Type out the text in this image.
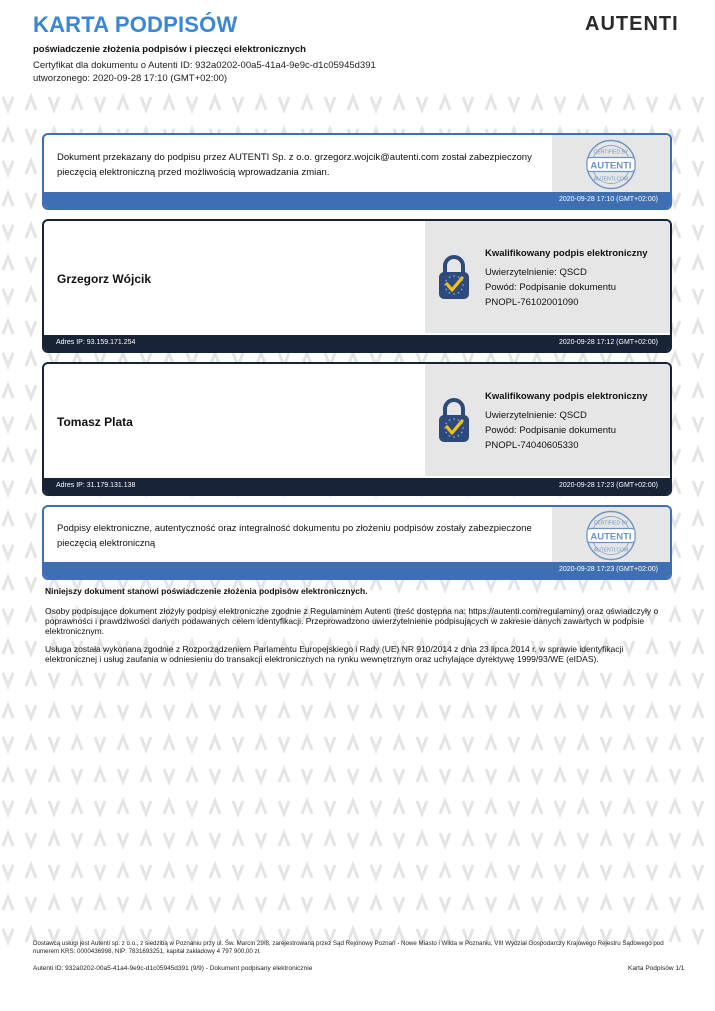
KARTA PODPISÓW	AUTENTI
poświadczenie złożenia podpisów i pieczęci elektronicznych
Certyfikat dla dokumentu o Autenti ID: 932a0202-00a5-41a4-9e9c-d1c05945d391
utworzonego: 2020-09-28 17:10 (GMT+02:00)
Dokument przekazany do podpisu przez AUTENTI Sp. z o.o. grzegorz.wojcik@autenti.com został zabezpieczony pieczęcią elektroniczną przed możliwością wprowadzania zmian.
AUTENTI
CERTIFIED BY
AUTENTI.COM
2020-09-28 17:10 (GMT+02:00)
Grzegorz Wójcik
Kwalifikowany podpis elektroniczny
Uwierzytelnienie: QSCD
Powód: Podpisanie dokumentu
PNOPL-76102001090
Adres IP: 93.159.171.254	2020-09-28 17:12 (GMT+02:00)
Tomasz Plata
Kwalifikowany podpis elektroniczny
Uwierzytelnienie: QSCD
Powód: Podpisanie dokumentu
PNOPL-74040605330
Adres IP: 31.179.131.138	2020-09-28 17:23 (GMT+02:00)
Podpisy elektroniczne, autentyczność oraz integralność dokumentu po złożeniu podpisów zostały zabezpieczone pieczęcią elektroniczną
AUTENTI
CERTIFIED BY
AUTENTI.COM
2020-09-28 17:23 (GMT+02:00)
Niniejszy dokument stanowi poświadczenie złożenia podpisów elektronicznych.
Osoby podpisujące dokument złożyły podpisy elektroniczne zgodnie z Regulaminem Autenti (treść dostępna na: https://autenti.com/regulaminy) oraz oświadczyły o poprawności i prawdziwości danych podawanych celem identyfikacji. Przeprowadzono uwierzytelnienie podpisujących w zakresie danych zawartych w podpisie elektronicznym.
Usługa została wykonana zgodnie z Rozporządzeniem Parlamentu Europejskiego i Rady (UE) NR 910/2014 z dnia 23 lipca 2014 r. w sprawie identyfikacji elektronicznej i usług zaufania w odniesieniu do transakcji elektronicznych na rynku wewnętrznym oraz uchylające dyrektywę 1999/93/WE (eIDAS).
Dostawcą usługi jest Autenti sp. z o.o., z siedzibą w Poznaniu przy ul. Św. Marcin 29/8, zarejestrowaną przez Sąd Rejonowy Poznań - Nowe Miasto i Wilda w Poznaniu, VIII Wydział Gospodarczy Krajowego Rejestru Sądowego pod numerem KRS: 0000436998, NIP: 7831693251, kapitał zakładowy 4 797 900,00 zł.
Autenti ID: 932a0202-00a5-41a4-9e9c-d1c05945d391 (9/9) - Dokument podpisany elektronicznie	Karta Podpisów 1/1
